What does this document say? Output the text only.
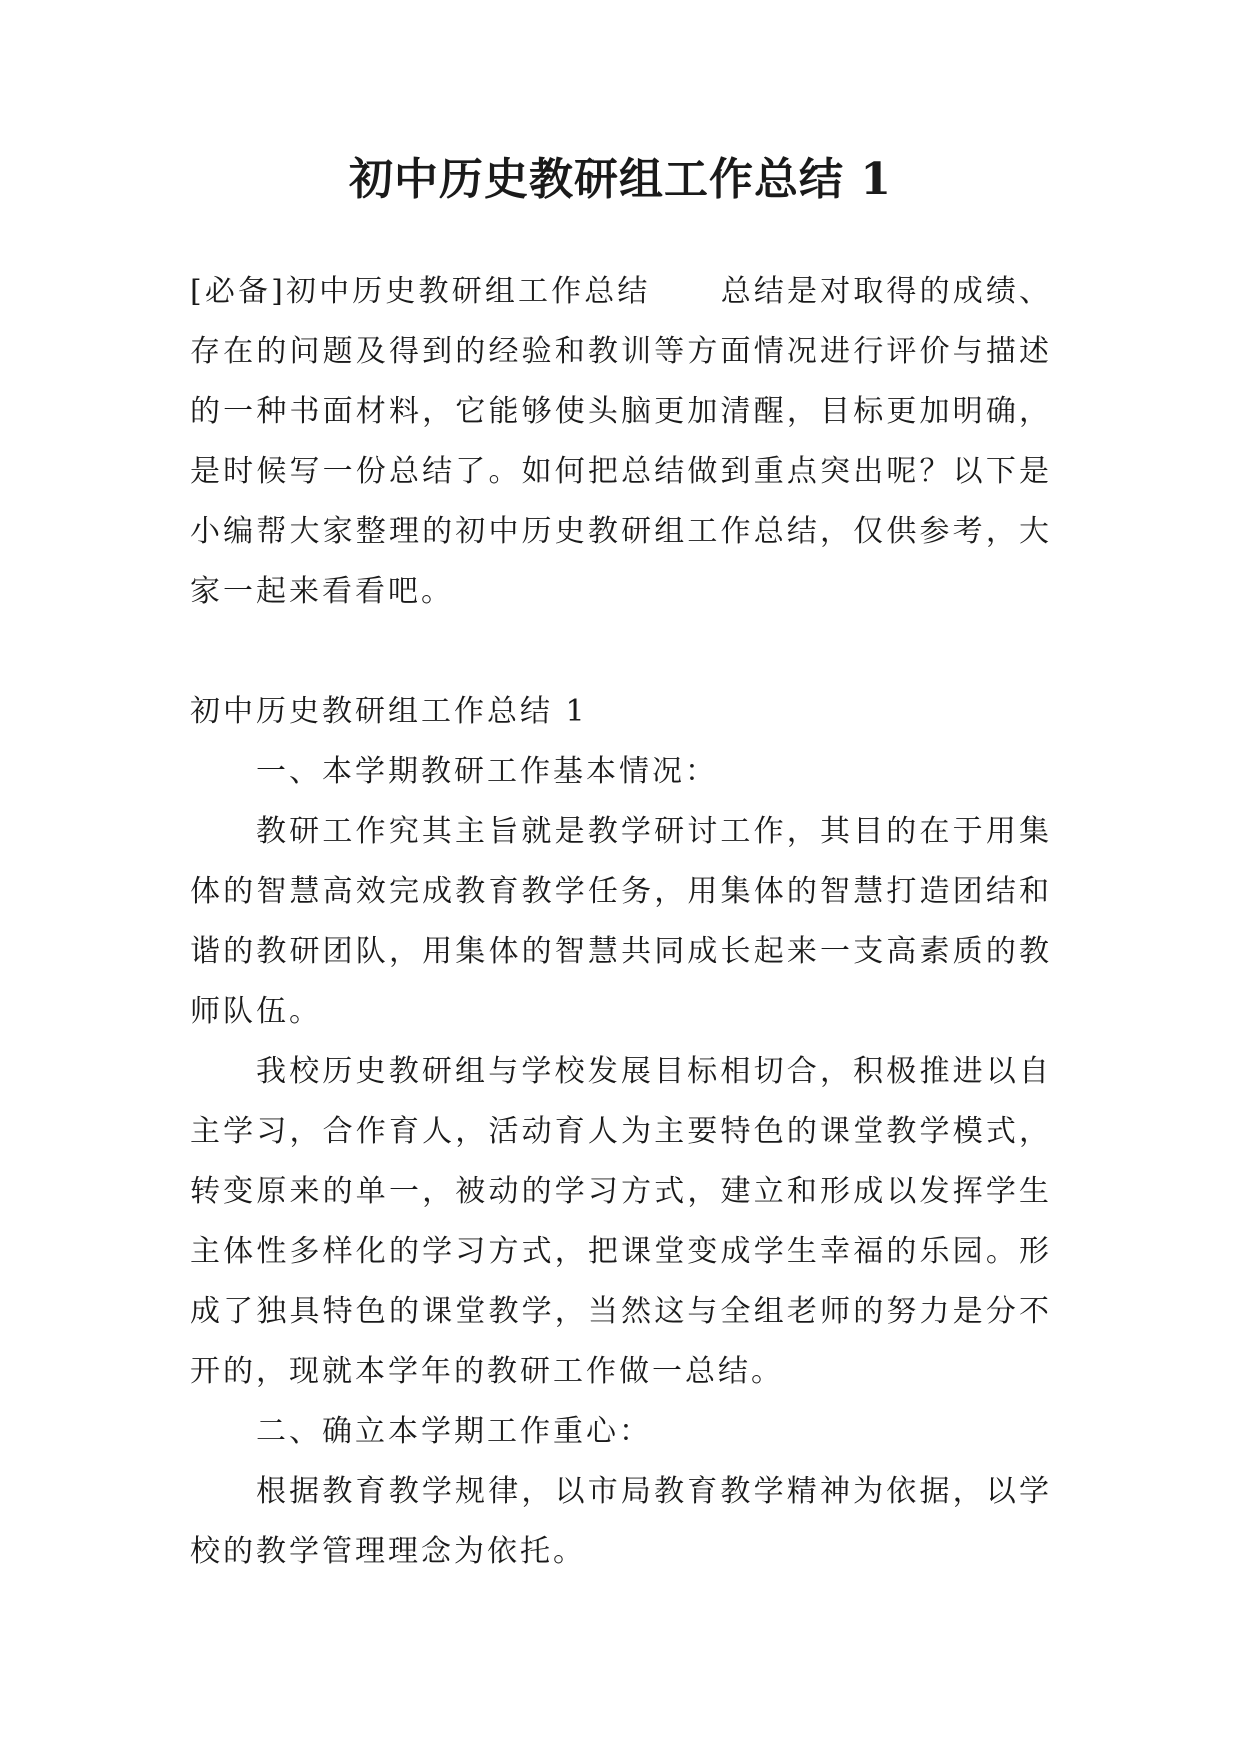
初中历史教研组工作总结 1

[必备]初中历史教研组工作总结 总结是对取得的成绩、存在的问题及得到的经验和教训等方面情况进行评价与描述的一种书面材料，它能够使头脑更加清醒，目标更加明确，是时候写一份总结了。如何把总结做到重点突出呢？以下是小编帮大家整理的初中历史教研组工作总结，仅供参考，大家一起来看看吧。

初中历史教研组工作总结 1

一、本学期教研工作基本情况：

教研工作究其主旨就是教学研讨工作，其目的在于用集体的智慧高效完成教育教学任务，用集体的智慧打造团结和谐的教研团队，用集体的智慧共同成长起来一支高素质的教师队伍。

我校历史教研组与学校发展目标相切合，积极推进以自主学习，合作育人，活动育人为主要特色的课堂教学模式，转变原来的单一，被动的学习方式，建立和形成以发挥学生主体性多样化的学习方式，把课堂变成学生幸福的乐园。形成了独具特色的课堂教学，当然这与全组老师的努力是分不开的，现就本学年的教研工作做一总结。

二、确立本学期工作重心：

根据教育教学规律，以市局教育教学精神为依据，以学校的教学管理理念为依托。
